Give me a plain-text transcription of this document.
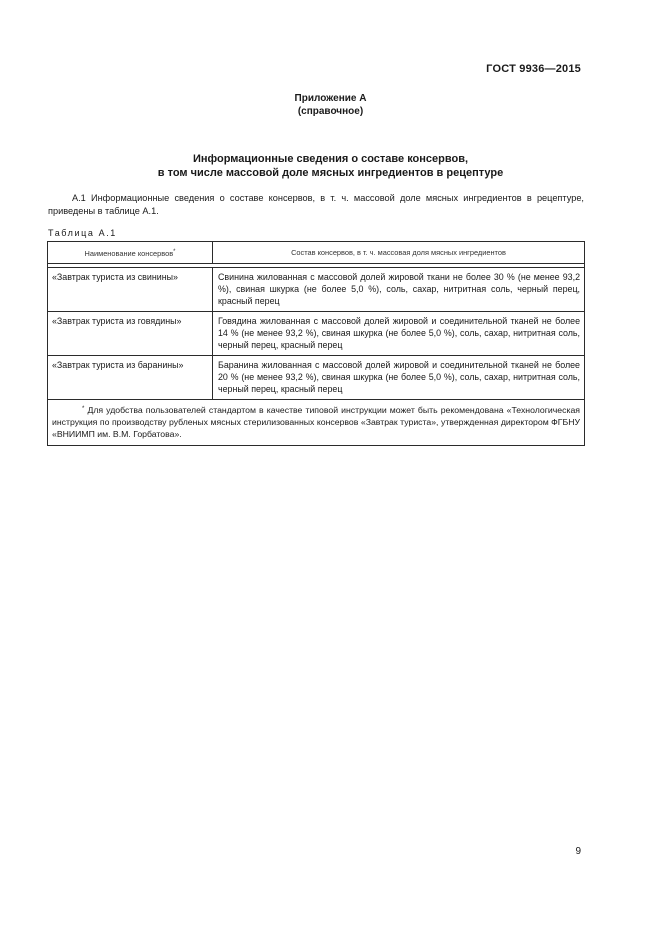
ГОСТ 9936—2015
Приложение А
(справочное)
Информационные сведения о составе консервов,
в том числе массовой доле мясных ингредиентов в рецептуре
А.1 Информационные сведения о составе консервов, в т. ч. массовой доле мясных ингредиентов в рецептуре, приведены в таблице А.1.
Таблица А.1
Наименование консервов*	Состав консервов, в т. ч. массовая доля мясных ингредиентов

«Завтрак туриста из свинины»	Свинина жилованная с массовой долей жировой ткани не более 30 % (не менее 93,2 %), свиная шкурка (не более 5,0 %), соль, сахар, нитритная соль, черный перец, красный перец
«Завтрак туриста из говядины»	Говядина жилованная с массовой долей жировой и соединительной тканей не более 14 % (не менее 93,2 %), свиная шкурка (не более 5,0 %), соль, сахар, нитритная соль, черный перец, красный перец
«Завтрак туриста из баранины»	Баранина жилованная с массовой долей жировой и соединительной тканей не более 20 % (не менее 93,2 %), свиная шкурка (не более 5,0 %), соль, сахар, нитритная соль, черный перец, красный перец
* Для удобства пользователей стандартом в качестве типовой инструкции может быть рекомендована «Технологическая инструкция по производству рубленых мясных стерилизованных консервов «Завтрак туриста», утвержденная директором ФГБНУ «ВНИИМП им. В.М. Горбатова».	
9
